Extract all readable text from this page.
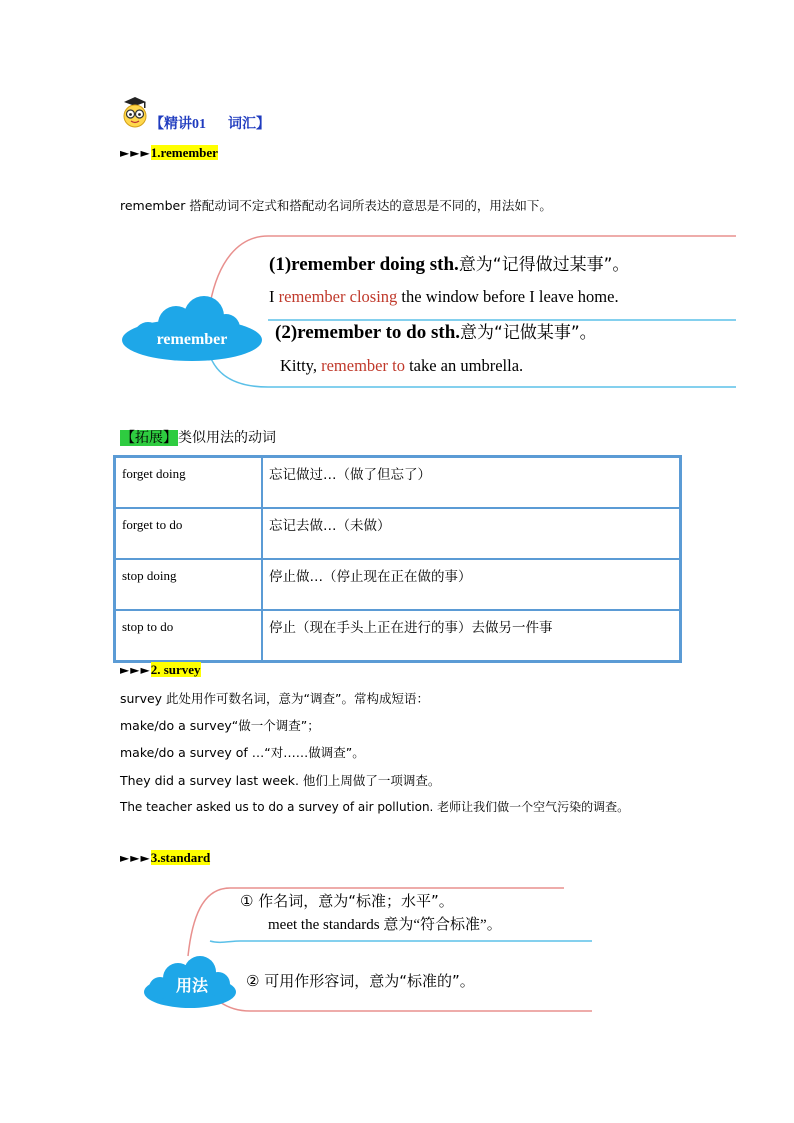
【精讲01 词汇】
►►►1.remember
remember 搭配动词不定式和搭配动名词所表达的意思是不同的，用法如下。
remember
(1)remember doing sth.意为“记得做过某事”。
I remember closing the window before I leave home.
(2)remember to do sth.意为“记做某事”。
Kitty, remember to take an umbrella.
【拓展】类似用法的动词
forget doing	忘记做过…（做了但忘了）
forget to do	忘记去做…（未做）
stop doing	停止做…（停止现在正在做的事）
stop to do	停止（现在手头上正在进行的事）去做另一件事
►►►2. survey
survey 此处用作可数名词，意为“调查”。常构成短语：
make/do a survey“做一个调查”；
make/do a survey of …“对……做调查”。
They did a survey last week. 他们上周做了一项调查。
The teacher asked us to do a survey of air pollution. 老师让我们做一个空气污染的调查。
►►►3.standard
用法
① 作名词，意为“标准；水平”。
meet the standards 意为“符合标准”。
② 可用作形容词，意为“标准的”。
